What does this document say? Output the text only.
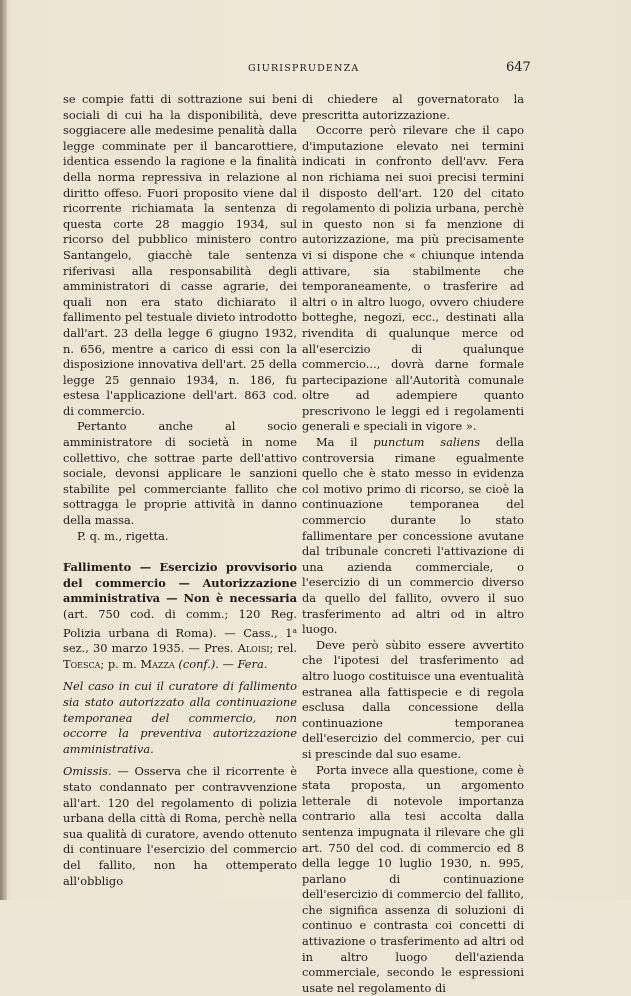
GIURISPRUDENZA	647

se compie fatti di sottrazione sui beni sociali di cui ha la disponibilità, deve soggiacere alle medesime penalità dalla legge comminate per il bancarottiere, identica essendo la ragione e la finalità della norma repressiva in relazione al diritto offeso. Fuori proposito viene dal ricorrente richiamata la sentenza di questa corte 28 maggio 1934, sul ricorso del pubblico ministero contro Santangelo, giacchè tale sentenza riferivasi alla responsabilità degli amministratori di casse agrarie, dei quali non era stato dichiarato il fallimento pel testuale divieto introdotto dall'art. 23 della legge 6 giugno 1932, n. 656, mentre a carico di essi con la disposizione innovativa dell'art. 25 della legge 25 gennaio 1934, n. 186, fu estesa l'applicazione dell'art. 863 cod. di commercio.

Pertanto anche al socio amministratore di società in nome collettivo, che sottrae parte dell'attivo sociale, devonsi applicare le sanzioni stabilite pel commerciante fallito che sottragga le proprie attività in danno della massa.

P. q. m., rigetta.

Fallimento — Esercizio provvisorio del commercio — Autorizzazione amministrativa — Non è necessaria (art. 750 cod. di comm.; 120 Reg. Polizia urbana di Roma). — Cass., 1$^a$ sez., 30 marzo 1935. — Pres. Aloisi; rel. Toesca; p. m. Mazza (conf.). — Fera.

Nel caso in cui il curatore di fallimento sia stato autorizzato alla continuazione temporanea del commercio, non occorre la preventiva autorizzazione amministrativa.

Omissis. — Osserva che il ricorrente è stato condannato per contravvenzione all'art. 120 del regolamento di polizia urbana della città di Roma, perchè nella sua qualità di curatore, avendo ottenuto di continuare l'esercizio del commercio del fallito, non ha ottemperato all'obbligo

di chiedere al governatorato la prescritta autorizzazione.

Occorre però rilevare che il capo d'imputazione elevato nei termini indicati in confronto dell'avv. Fera non richiama nei suoi precisi termini il disposto dell'art. 120 del citato regolamento di polizia urbana, perchè in questo non si fa menzione di autorizzazione, ma più precisamente vi si dispone che « chiunque intenda attivare, sia stabilmente che temporaneamente, o trasferire ad altri o in altro luogo, ovvero chiudere botteghe, negozi, ecc., destinati alla rivendita di qualunque merce od all'esercizio di qualunque commercio..., dovrà darne formale partecipazione all'Autorità comunale oltre ad adempiere quanto prescrivono le leggi ed i regolamenti generali e speciali in vigore ».

Ma il punctum saliens della controversia rimane egualmente quello che è stato messo in evidenza col motivo primo di ricorso, se cioè la continuazione temporanea del commercio durante lo stato fallimentare per concessione avutane dal tribunale concreti l'attivazione di una azienda commerciale, o l'esercizio di un commercio diverso da quello del fallito, ovvero il suo trasferimento ad altri od in altro luogo.

Deve però sùbito essere avvertito che l'ipotesi del trasferimento ad altro luogo costituisce una eventualità estranea alla fattispecie e di regola esclusa dalla concessione della continuazione temporanea dell'esercizio del commercio, per cui si prescinde dal suo esame.

Porta invece alla questione, come è stata proposta, un argomento letterale di notevole importanza contrario alla tesi accolta dalla sentenza impugnata il rilevare che gli art. 750 del cod. di commercio ed 8 della legge 10 luglio 1930, n. 995, parlano di continuazione dell'esercizio di commercio del fallito, che significa assenza di soluzioni di continuo e contrasta coi concetti di attivazione o trasferimento ad altri od in altro luogo dell'azienda commerciale, secondo le espressioni usate nel regolamento di
